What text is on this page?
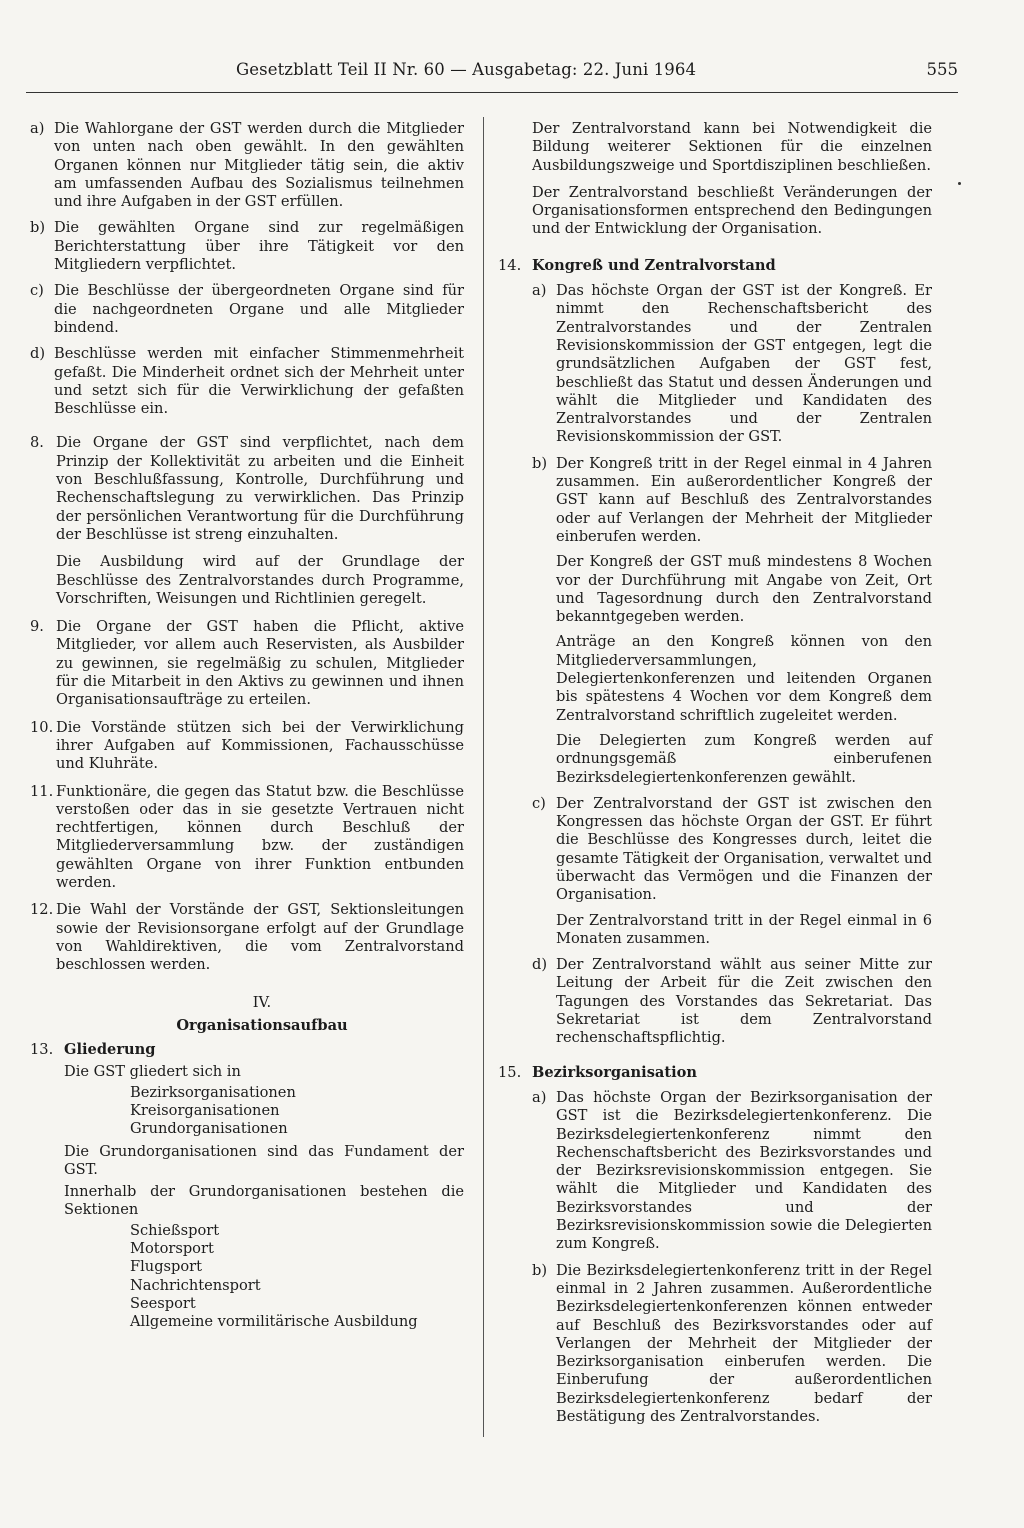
Gesetzblatt Teil II Nr. 60 — Ausgabetag: 22. Juni 1964	555
a) Die Wahlorgane der GST werden durch die Mitglieder von unten nach oben gewählt. In den gewählten Organen können nur Mitglieder tätig sein, die aktiv am umfassenden Aufbau des Sozialismus teilnehmen und ihre Aufgaben in der GST erfüllen.

b) Die gewählten Organe sind zur regelmäßigen Berichterstattung über ihre Tätigkeit vor den Mitgliedern verpflichtet.

c) Die Beschlüsse der übergeordneten Organe sind für die nachgeordneten Organe und alle Mitglieder bindend.

d) Beschlüsse werden mit einfacher Stimmenmehrheit gefaßt. Die Minderheit ordnet sich der Mehrheit unter und setzt sich für die Verwirklichung der gefaßten Beschlüsse ein.

8. Die Organe der GST sind verpflichtet, nach dem Prinzip der Kollektivität zu arbeiten und die Einheit von Beschlußfassung, Kontrolle, Durchführung und Rechenschaftslegung zu verwirklichen. Das Prinzip der persönlichen Verantwortung für die Durchführung der Beschlüsse ist streng einzuhalten.

Die Ausbildung wird auf der Grundlage der Beschlüsse des Zentralvorstandes durch Programme, Vorschriften, Weisungen und Richtlinien geregelt.

9. Die Organe der GST haben die Pflicht, aktive Mitglieder, vor allem auch Reservisten, als Ausbilder zu gewinnen, sie regelmäßig zu schulen, Mitglieder für die Mitarbeit in den Aktivs zu gewinnen und ihnen Organisationsaufträge zu erteilen.

10. Die Vorstände stützen sich bei der Verwirklichung ihrer Aufgaben auf Kommissionen, Fachausschüsse und Kluhräte.

11. Funktionäre, die gegen das Statut bzw. die Beschlüsse verstoßen oder das in sie gesetzte Vertrauen nicht rechtfertigen, können durch Beschluß der Mitgliederversammlung bzw. der zuständigen gewählten Organe von ihrer Funktion entbunden werden.

12. Die Wahl der Vorstände der GST, Sektionsleitungen sowie der Revisionsorgane erfolgt auf der Grundlage von Wahldirektiven, die vom Zentralvorstand beschlossen werden.

IV.
Organisationsaufbau
13. Gliederung
Die GST gliedert sich in
Bezirksorganisationen
Kreisorganisationen
Grundorganisationen
Die Grundorganisationen sind das Fundament der GST.
Innerhalb der Grundorganisationen bestehen die Sektionen
Schießsport
Motorsport
Flugsport
Nachrichtensport
Seesport
Allgemeine vormilitärische Ausbildung

Der Zentralvorstand kann bei Notwendigkeit die Bildung weiterer Sektionen für die einzelnen Ausbildungszweige und Sportdisziplinen beschließen.

Der Zentralvorstand beschließt Veränderungen der Organisationsformen entsprechend den Bedingungen und der Entwicklung der Organisation.

14. Kongreß und Zentralvorstand
a) Das höchste Organ der GST ist der Kongreß. Er nimmt den Rechenschaftsbericht des Zentralvorstandes und der Zentralen Revisionskommission der GST entgegen, legt die grundsätzlichen Aufgaben der GST fest, beschließt das Statut und dessen Änderungen und wählt die Mitglieder und Kandidaten des Zentralvorstandes und der Zentralen Revisionskommission der GST.

b) Der Kongreß tritt in der Regel einmal in 4 Jahren zusammen. Ein außerordentlicher Kongreß der GST kann auf Beschluß des Zentralvorstandes oder auf Verlangen der Mehrheit der Mitglieder einberufen werden.

Der Kongreß der GST muß mindestens 8 Wochen vor der Durchführung mit Angabe von Zeit, Ort und Tagesordnung durch den Zentralvorstand bekanntgegeben werden.

Anträge an den Kongreß können von den Mitgliederversammlungen, Delegiertenkonferenzen und leitenden Organen bis spätestens 4 Wochen vor dem Kongreß dem Zentralvorstand schriftlich zugeleitet werden.

Die Delegierten zum Kongreß werden auf ordnungsgemäß einberufenen Bezirksdelegiertenkonferenzen gewählt.

c) Der Zentralvorstand der GST ist zwischen den Kongressen das höchste Organ der GST. Er führt die Beschlüsse des Kongresses durch, leitet die gesamte Tätigkeit der Organisation, verwaltet und überwacht das Vermögen und die Finanzen der Organisation.

Der Zentralvorstand tritt in der Regel einmal in 6 Monaten zusammen.

d) Der Zentralvorstand wählt aus seiner Mitte zur Leitung der Arbeit für die Zeit zwischen den Tagungen des Vorstandes das Sekretariat. Das Sekretariat ist dem Zentralvorstand rechenschaftspflichtig.

15. Bezirksorganisation
a) Das höchste Organ der Bezirksorganisation der GST ist die Bezirksdelegiertenkonferenz. Die Bezirksdelegiertenkonferenz nimmt den Rechenschaftsbericht des Bezirksvorstandes und der Bezirksrevisionskommission entgegen. Sie wählt die Mitglieder und Kandidaten des Bezirksvorstandes und der Bezirksrevisionskommission sowie die Delegierten zum Kongreß.

b) Die Bezirksdelegiertenkonferenz tritt in der Regel einmal in 2 Jahren zusammen. Außerordentliche Bezirksdelegiertenkonferenzen können entweder auf Beschluß des Bezirksvorstandes oder auf Verlangen der Mehrheit der Mitglieder der Bezirksorganisation einberufen werden. Die Einberufung der außerordentlichen Bezirksdelegiertenkonferenz bedarf der Bestätigung des Zentralvorstandes.
